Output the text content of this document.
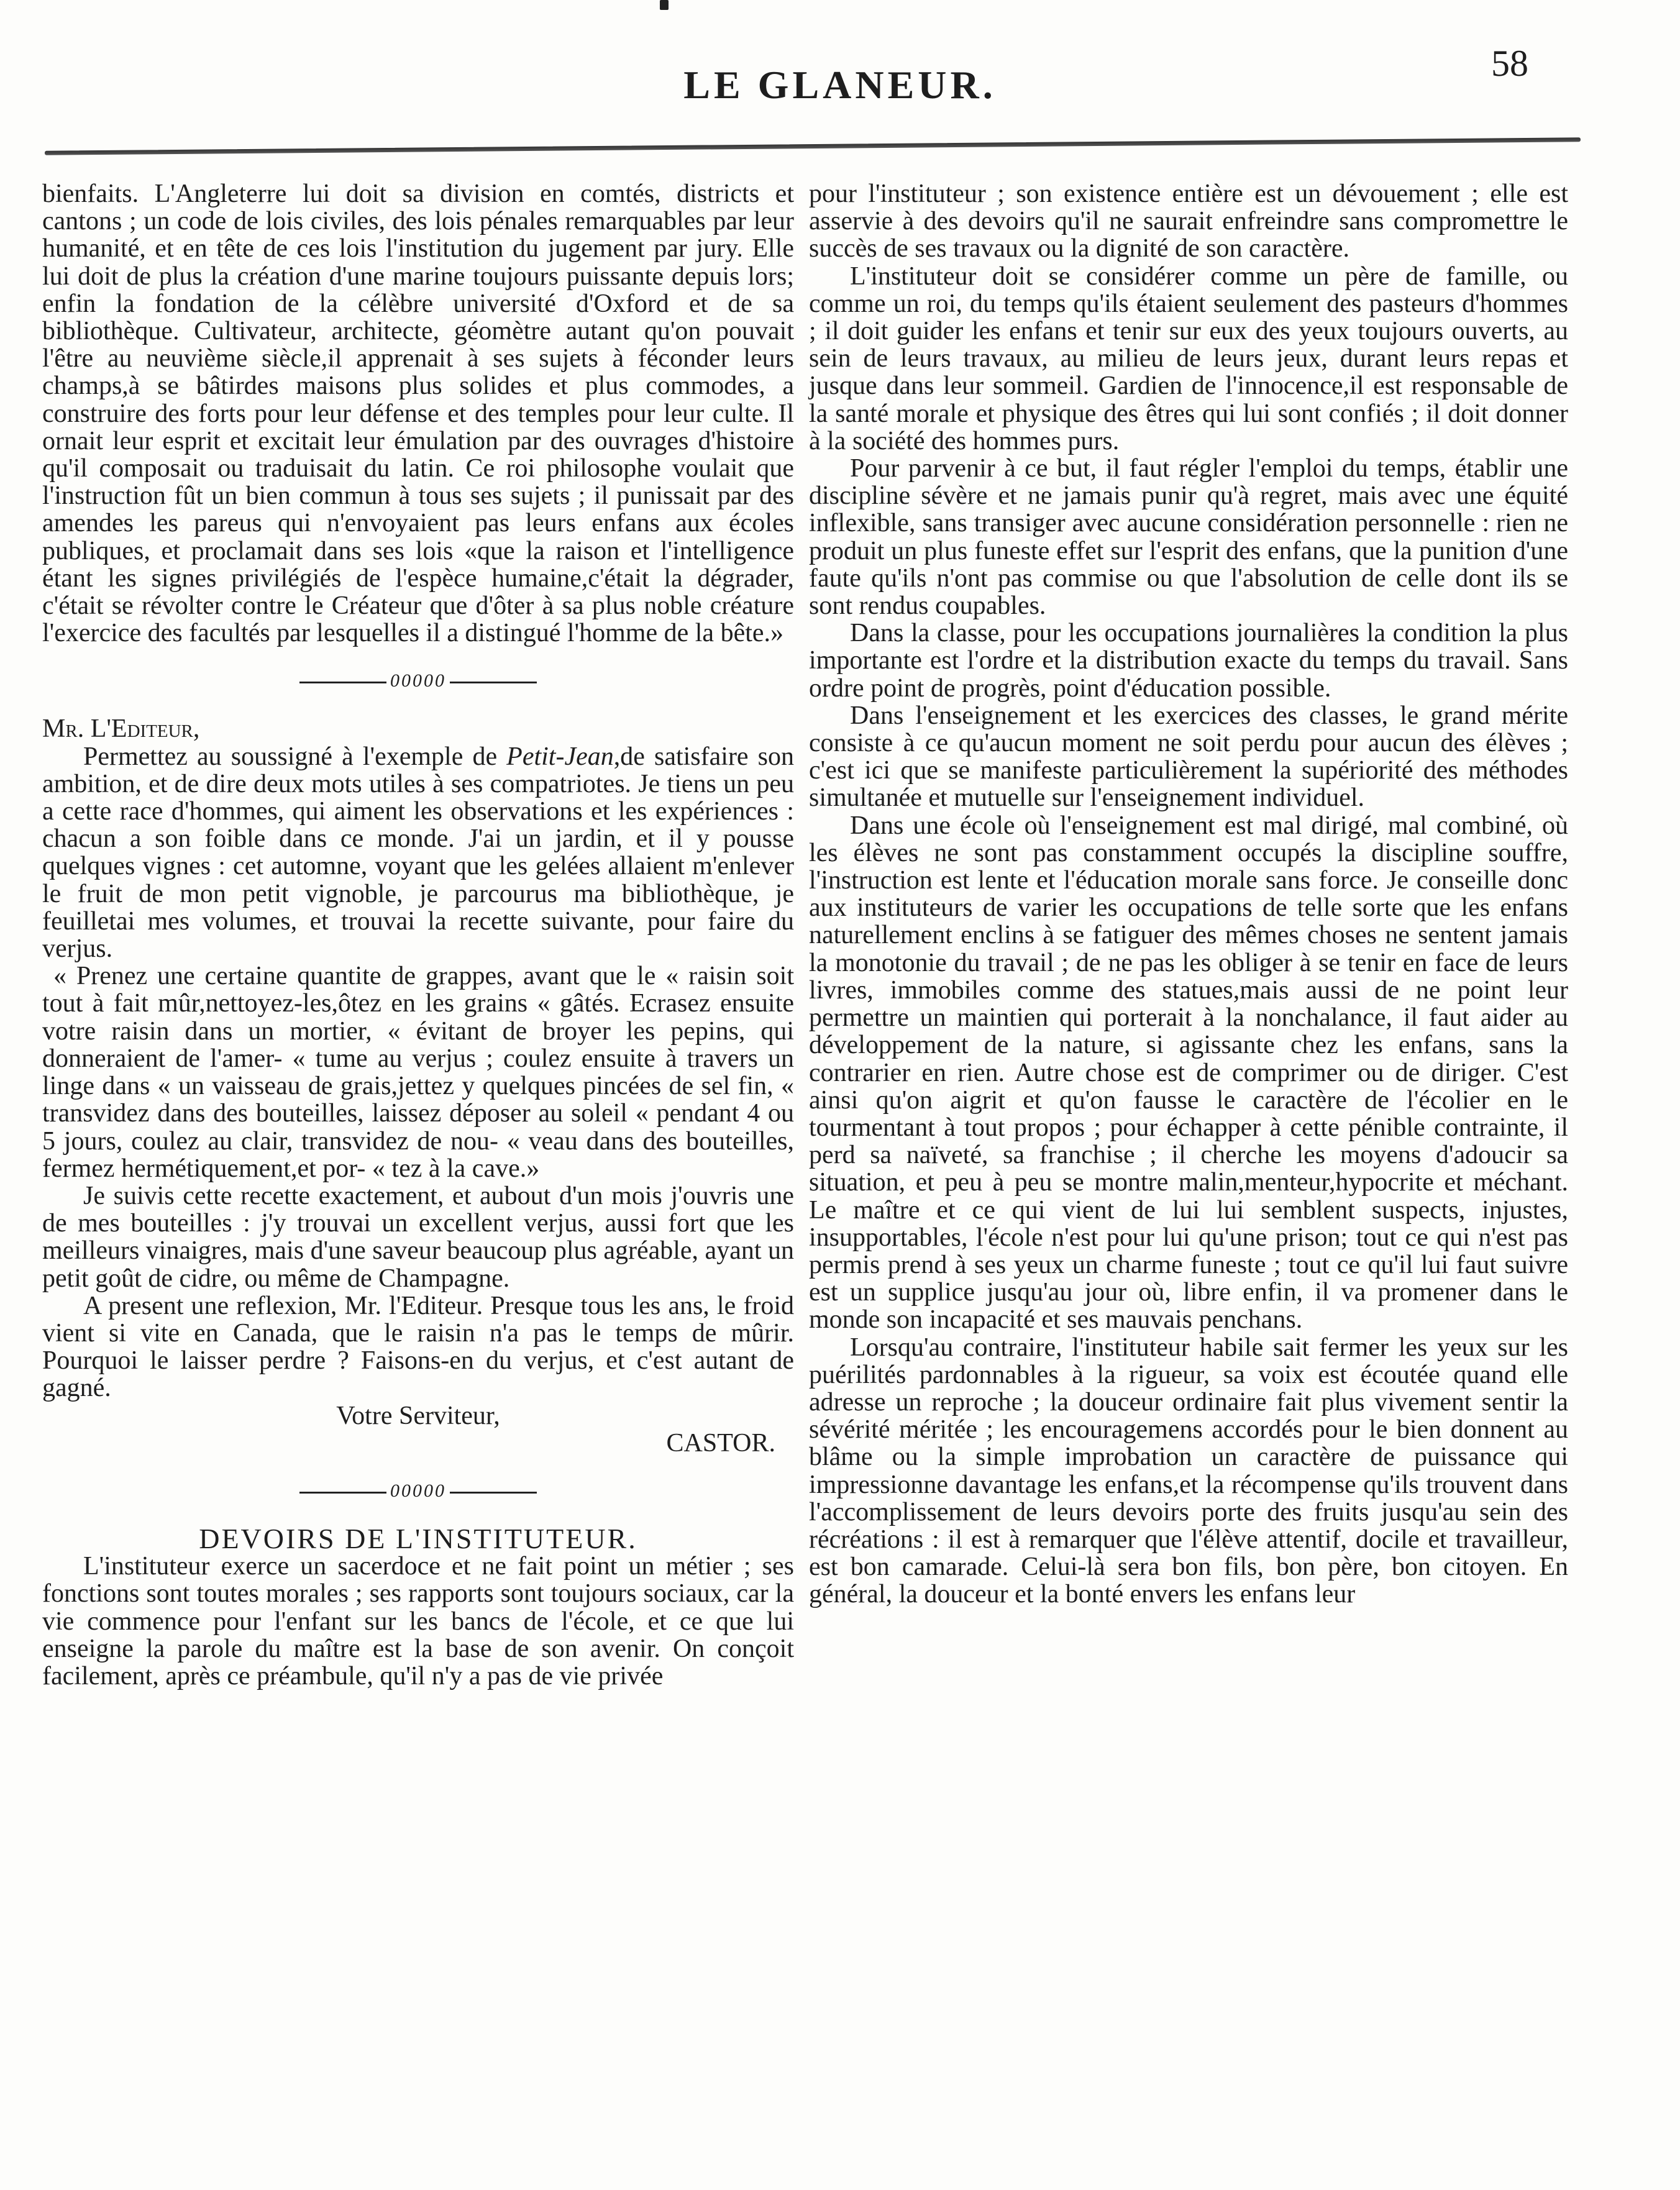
LE GLANEUR.	58

bienfaits. L'Angleterre lui doit sa division en comtés, districts et cantons ; un code de lois civiles, des lois pénales remarquables par leur humanité, et en tête de ces lois l'institution du jugement par jury. Elle lui doit de plus la création d'une marine toujours puissante depuis lors; enfin la fondation de la célèbre université d'Oxford et de sa bibliothèque. Cultivateur, architecte, géomètre autant qu'on pouvait l'être au neuvième siècle,il apprenait à ses sujets à féconder leurs champs,à se bâtirdes maisons plus solides et plus commodes, a construire des forts pour leur défense et des temples pour leur culte. Il ornait leur esprit et excitait leur émulation par des ouvrages d'histoire qu'il composait ou traduisait du latin. Ce roi philosophe voulait que l'instruction fût un bien commun à tous ses sujets ; il punissait par des amendes les pareus qui n'envoyaient pas leurs enfans aux écoles publiques, et proclamait dans ses lois «que la raison et l'intelligence étant les signes privilégiés de l'espèce humaine,c'était la dégrader, c'était se révolter contre le Créateur que d'ôter à sa plus noble créature l'exercice des facultés par lesquelles il a distingué l'homme de la bête.»

00000

Mr. L'Editeur,

Permettez au soussigné à l'exemple de Petit-Jean,de satisfaire son ambition, et de dire deux mots utiles à ses compatriotes. Je tiens un peu a cette race d'hommes, qui aiment les observations et les expériences : chacun a son foible dans ce monde. J'ai un jardin, et il y pousse quelques vignes : cet automne, voyant que les gelées allaient m'enlever le fruit de mon petit vignoble, je parcourus ma bibliothèque, je feuilletai mes volumes, et trouvai la recette suivante, pour faire du verjus.

« Prenez une certaine quantite de grappes, avant que le « raisin soit tout à fait mûr,nettoyez-les,ôtez en les grains « gâtés. Ecrasez ensuite votre raisin dans un mortier, « évitant de broyer les pepins, qui donneraient de l'amer- « tume au verjus ; coulez ensuite à travers un linge dans « un vaisseau de grais,jettez y quelques pincées de sel fin, « transvidez dans des bouteilles, laissez déposer au soleil « pendant 4 ou 5 jours, coulez au clair, transvidez de nou- « veau dans des bouteilles, fermez hermétiquement,et por- « tez à la cave.»

Je suivis cette recette exactement, et aubout d'un mois j'ouvris une de mes bouteilles : j'y trouvai un excellent verjus, aussi fort que les meilleurs vinaigres, mais d'une saveur beaucoup plus agréable, ayant un petit goût de cidre, ou même de Champagne.

A present une reflexion, Mr. l'Editeur. Presque tous les ans, le froid vient si vite en Canada, que le raisin n'a pas le temps de mûrir. Pourquoi le laisser perdre ? Faisons-en du verjus, et c'est autant de gagné.

Votre Serviteur,

CASTOR.

00000

DEVOIRS DE L'INSTITUTEUR.

L'instituteur exerce un sacerdoce et ne fait point un métier ; ses fonctions sont toutes morales ; ses rapports sont toujours sociaux, car la vie commence pour l'enfant sur les bancs de l'école, et ce que lui enseigne la parole du maître est la base de son avenir. On conçoit facilement, après ce préambule, qu'il n'y a pas de vie privée

pour l'instituteur ; son existence entière est un dévouement ; elle est asservie à des devoirs qu'il ne saurait enfreindre sans compromettre le succès de ses travaux ou la dignité de son caractère.

L'instituteur doit se considérer comme un père de famille, ou comme un roi, du temps qu'ils étaient seulement des pasteurs d'hommes ; il doit guider les enfans et tenir sur eux des yeux toujours ouverts, au sein de leurs travaux, au milieu de leurs jeux, durant leurs repas et jusque dans leur sommeil. Gardien de l'innocence,il est responsable de la santé morale et physique des êtres qui lui sont confiés ; il doit donner à la société des hommes purs.

Pour parvenir à ce but, il faut régler l'emploi du temps, établir une discipline sévère et ne jamais punir qu'à regret, mais avec une équité inflexible, sans transiger avec aucune considération personnelle : rien ne produit un plus funeste effet sur l'esprit des enfans, que la punition d'une faute qu'ils n'ont pas commise ou que l'absolution de celle dont ils se sont rendus coupables.

Dans la classe, pour les occupations journalières la condition la plus importante est l'ordre et la distribution exacte du temps du travail. Sans ordre point de progrès, point d'éducation possible.

Dans l'enseignement et les exercices des classes, le grand mérite consiste à ce qu'aucun moment ne soit perdu pour aucun des élèves ; c'est ici que se manifeste particulièrement la supériorité des méthodes simultanée et mutuelle sur l'enseignement individuel.

Dans une école où l'enseignement est mal dirigé, mal combiné, où les élèves ne sont pas constamment occupés la discipline souffre, l'instruction est lente et l'éducation morale sans force. Je conseille donc aux instituteurs de varier les occupations de telle sorte que les enfans naturellement enclins à se fatiguer des mêmes choses ne sentent jamais la monotonie du travail ; de ne pas les obliger à se tenir en face de leurs livres, immobiles comme des statues,mais aussi de ne point leur permettre un maintien qui porterait à la nonchalance, il faut aider au développement de la nature, si agissante chez les enfans, sans la contrarier en rien. Autre chose est de comprimer ou de diriger. C'est ainsi qu'on aigrit et qu'on fausse le caractère de l'écolier en le tourmentant à tout propos ; pour échapper à cette pénible contrainte, il perd sa naïveté, sa franchise ; il cherche les moyens d'adoucir sa situation, et peu à peu se montre malin,menteur,hypocrite et méchant. Le maître et ce qui vient de lui lui semblent suspects, injustes, insupportables, l'école n'est pour lui qu'une prison; tout ce qui n'est pas permis prend à ses yeux un charme funeste ; tout ce qu'il lui faut suivre est un supplice jusqu'au jour où, libre enfin, il va promener dans le monde son incapacité et ses mauvais penchans.

Lorsqu'au contraire, l'instituteur habile sait fermer les yeux sur les puérilités pardonnables à la rigueur, sa voix est écoutée quand elle adresse un reproche ; la douceur ordinaire fait plus vivement sentir la sévérité méritée ; les encouragemens accordés pour le bien donnent au blâme ou la simple improbation un caractère de puissance qui impressionne davantage les enfans,et la récompense qu'ils trouvent dans l'accomplissement de leurs devoirs porte des fruits jusqu'au sein des récréations : il est à remarquer que l'élève attentif, docile et travailleur, est bon camarade. Celui-là sera bon fils, bon père, bon citoyen. En général, la douceur et la bonté envers les enfans leur
